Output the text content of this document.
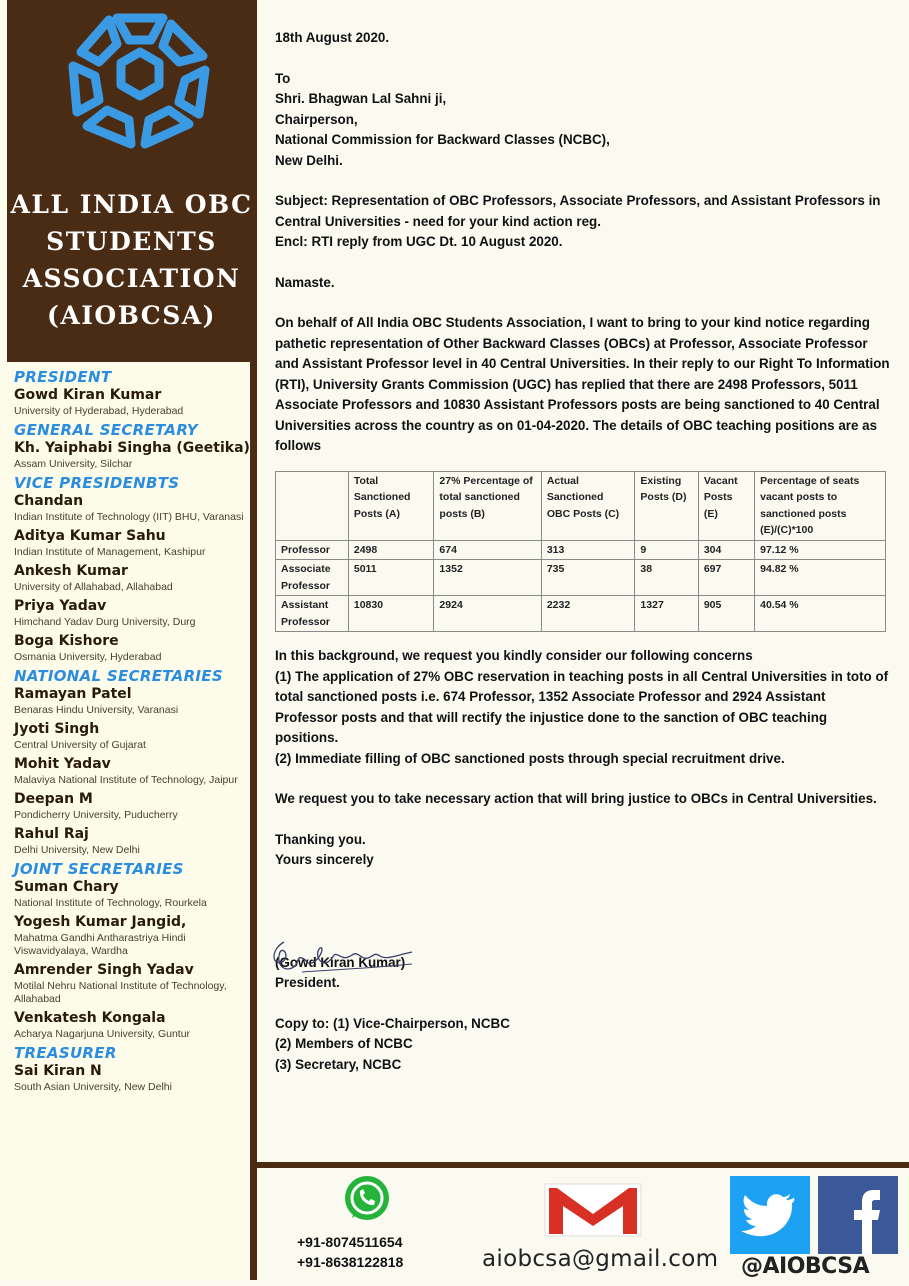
ALL INDIA OBC
STUDENTS
ASSOCIATION
(AIOBCSA)
PRESIDENT
Gowd Kiran Kumar
University of Hyderabad, Hyderabad
GENERAL SECRETARY
Kh. Yaiphabi Singha (Geetika)
Assam University, Silchar
VICE PRESIDENBTS
Chandan
Indian Institute of Technology (IIT) BHU, Varanasi
Aditya Kumar Sahu
Indian Institute of Management, Kashipur
Ankesh Kumar
University of Allahabad, Allahabad
Priya Yadav
Himchand Yadav Durg University, Durg
Boga Kishore
Osmania University, Hyderabad
NATIONAL SECRETARIES
Ramayan Patel
Benaras Hindu University, Varanasi
Jyoti Singh
Central University of Gujarat
Mohit Yadav
Malaviya National Institute of Technology, Jaipur
Deepan M
Pondicherry University, Puducherry
Rahul Raj
Delhi University, New Delhi
JOINT SECRETARIES
Suman Chary
National Institute of Technology, Rourkela
Yogesh Kumar Jangid,
Mahatma Gandhi Antharastriya Hindi Viswavidyalaya, Wardha
Amrender Singh Yadav
Motilal Nehru National Institute of Technology, Allahabad
Venkatesh Kongala
Acharya Nagarjuna University, Guntur
TREASURER
Sai Kiran N
South Asian University, New Delhi

18th August 2020.

To

Shri. Bhagwan Lal Sahni ji,

Chairperson,

National Commission for Backward Classes (NCBC),

New Delhi.

Subject: Representation of OBC Professors, Associate Professors, and Assistant Professors in Central Universities - need for your kind action reg.

Encl: RTI reply from UGC Dt. 10 August 2020.

Namaste.

On behalf of All India OBC Students Association, I want to bring to your kind notice regarding pathetic representation of Other Backward Classes (OBCs) at Professor, Associate Professor and Assistant Professor level in 40 Central Universities. In their reply to our Right To Information (RTI), University Grants Commission (UGC) has replied that there are 2498 Professors, 5011 Associate Professors and 10830 Assistant Professors posts are being sanctioned to 40 Central Universities across the country as on 01-04-2020. The details of OBC teaching positions are as follows

	Total Sanctioned Posts (A)	27% Percentage of total sanctioned posts (B)	Actual Sanctioned OBC Posts (C)	Existing Posts (D)	Vacant Posts (E)	Percentage of seats vacant posts to sanctioned posts (E)/(C)*100
Professor	2498	674	313	9	304	97.12 %
Associate Professor	5011	1352	735	38	697	94.82 %
Assistant Professor	10830	2924	2232	1327	905	40.54 %

In this background, we request you kindly consider our following concerns

(1) The application of 27% OBC reservation in teaching posts in all Central Universities in toto of total sanctioned posts i.e. 674 Professor, 1352 Associate Professor and 2924 Assistant Professor posts and that will rectify the injustice done to the sanction of OBC teaching positions.

(2) Immediate filling of OBC sanctioned posts through special recruitment drive.

We request you to take necessary action that will bring justice to OBCs in Central Universities.

Thanking you.

Yours sincerely

(Gowd Kiran Kumar)

President.

Copy to: (1) Vice-Chairperson, NCBC

(2) Members of NCBC

(3) Secretary, NCBC

+91-8074511654
+91-8638122818	aiobcsa@gmail.com @AIOBCSA
